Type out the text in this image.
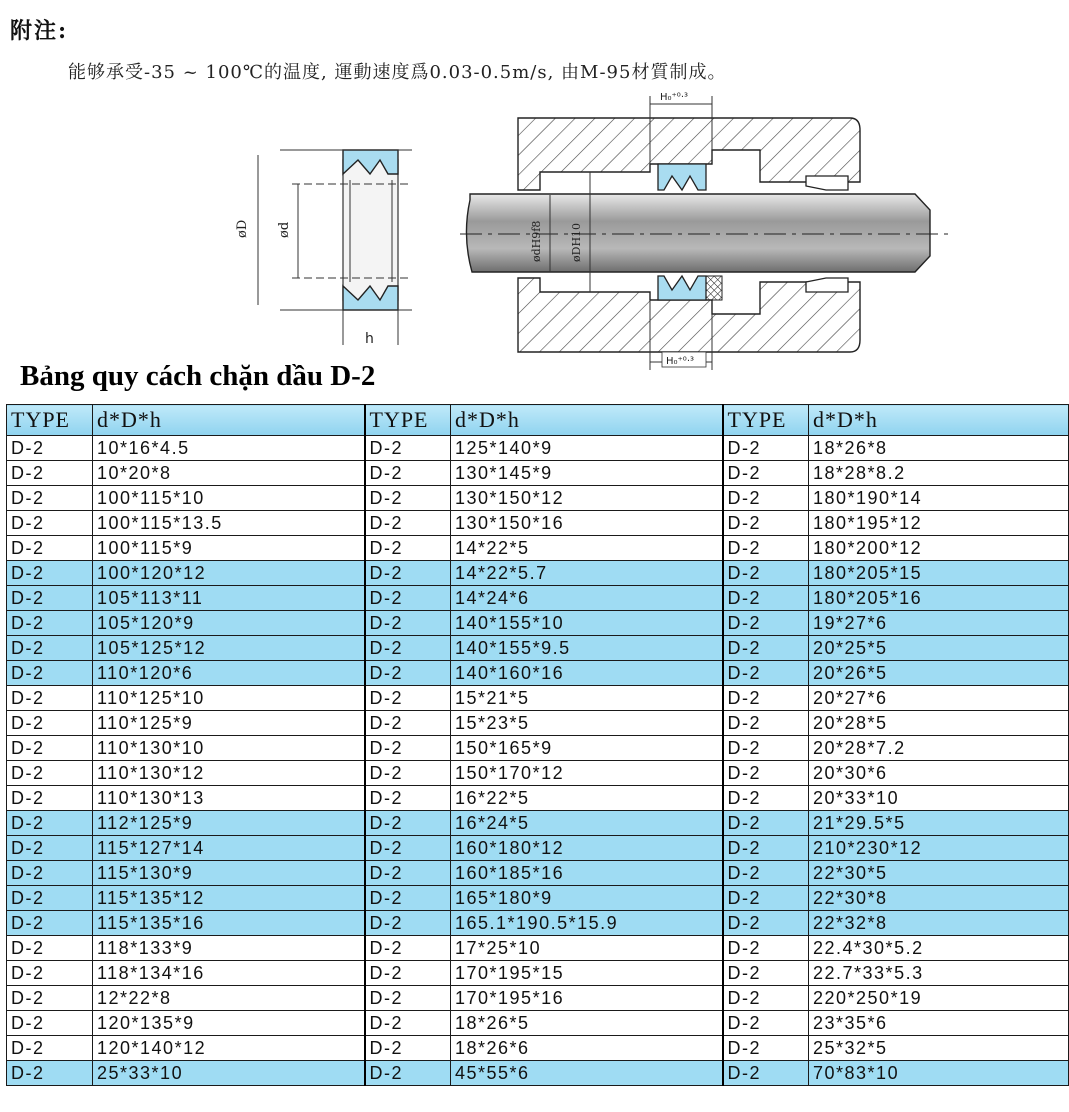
附注:
能够承受-35 ~ 100℃的温度, 運動速度爲0.03-0.5m/s, 由M-95材質制成。
øD ød
h
H₀⁺⁰·³
H₀⁺⁰·³
ødH9f8 øDH10
Bảng quy cách chặn dầu D-2
TYPE	d*D*h	TYPE	d*D*h	TYPE	d*D*h
D-2	10*16*4.5	D-2	125*140*9	D-2	18*26*8
D-2	10*20*8	D-2	130*145*9	D-2	18*28*8.2
D-2	100*115*10	D-2	130*150*12	D-2	180*190*14
D-2	100*115*13.5	D-2	130*150*16	D-2	180*195*12
D-2	100*115*9	D-2	14*22*5	D-2	180*200*12
D-2	100*120*12	D-2	14*22*5.7	D-2	180*205*15
D-2	105*113*11	D-2	14*24*6	D-2	180*205*16
D-2	105*120*9	D-2	140*155*10	D-2	19*27*6
D-2	105*125*12	D-2	140*155*9.5	D-2	20*25*5
D-2	110*120*6	D-2	140*160*16	D-2	20*26*5
D-2	110*125*10	D-2	15*21*5	D-2	20*27*6
D-2	110*125*9	D-2	15*23*5	D-2	20*28*5
D-2	110*130*10	D-2	150*165*9	D-2	20*28*7.2
D-2	110*130*12	D-2	150*170*12	D-2	20*30*6
D-2	110*130*13	D-2	16*22*5	D-2	20*33*10
D-2	112*125*9	D-2	16*24*5	D-2	21*29.5*5
D-2	115*127*14	D-2	160*180*12	D-2	210*230*12
D-2	115*130*9	D-2	160*185*16	D-2	22*30*5
D-2	115*135*12	D-2	165*180*9	D-2	22*30*8
D-2	115*135*16	D-2	165.1*190.5*15.9	D-2	22*32*8
D-2	118*133*9	D-2	17*25*10	D-2	22.4*30*5.2
D-2	118*134*16	D-2	170*195*15	D-2	22.7*33*5.3
D-2	12*22*8	D-2	170*195*16	D-2	220*250*19
D-2	120*135*9	D-2	18*26*5	D-2	23*35*6
D-2	120*140*12	D-2	18*26*6	D-2	25*32*5
D-2	25*33*10	D-2	45*55*6	D-2	70*83*10
